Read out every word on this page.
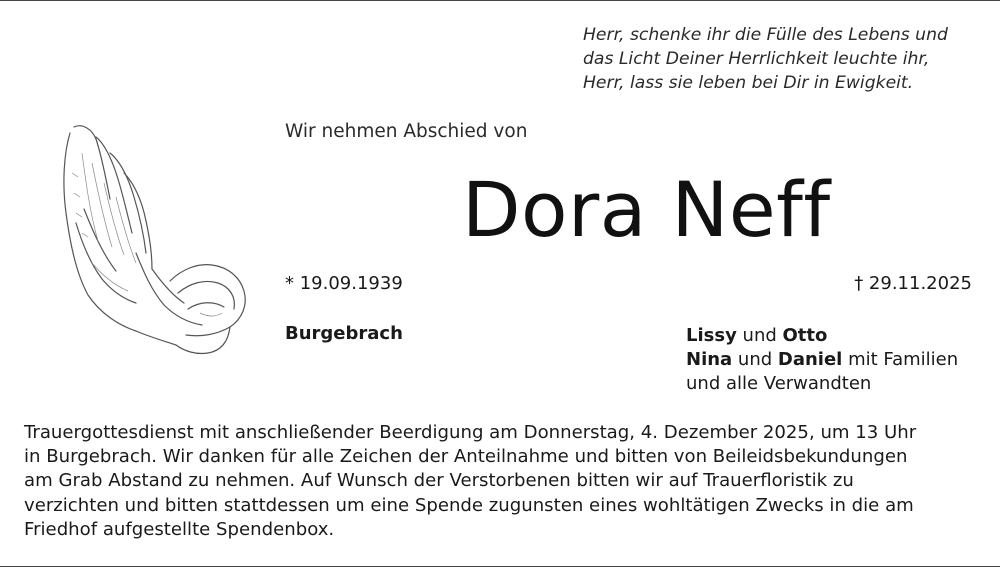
Herr, schenke ihr die Fülle des Lebens und
das Licht Deiner Herrlichkeit leuchte ihr,
Herr, lass sie leben bei Dir in Ewigkeit.
Wir nehmen Abschied von
Dora Neff
* 19.09.1939	† 29.11.2025
Burgebrach	Lissy und Otto
Nina und Daniel mit Familien
und alle Verwandten
Trauergottesdienst mit anschließender Beerdigung am Donnerstag, 4. Dezember 2025, um 13 Uhr
in Burgebrach. Wir danken für alle Zeichen der Anteilnahme und bitten von Beileidsbekundungen
am Grab Abstand zu nehmen. Auf Wunsch der Verstorbenen bitten wir auf Trauerfloristik zu
verzichten und bitten stattdessen um eine Spende zugunsten eines wohltätigen Zwecks in die am
Friedhof aufgestellte Spendenbox.
